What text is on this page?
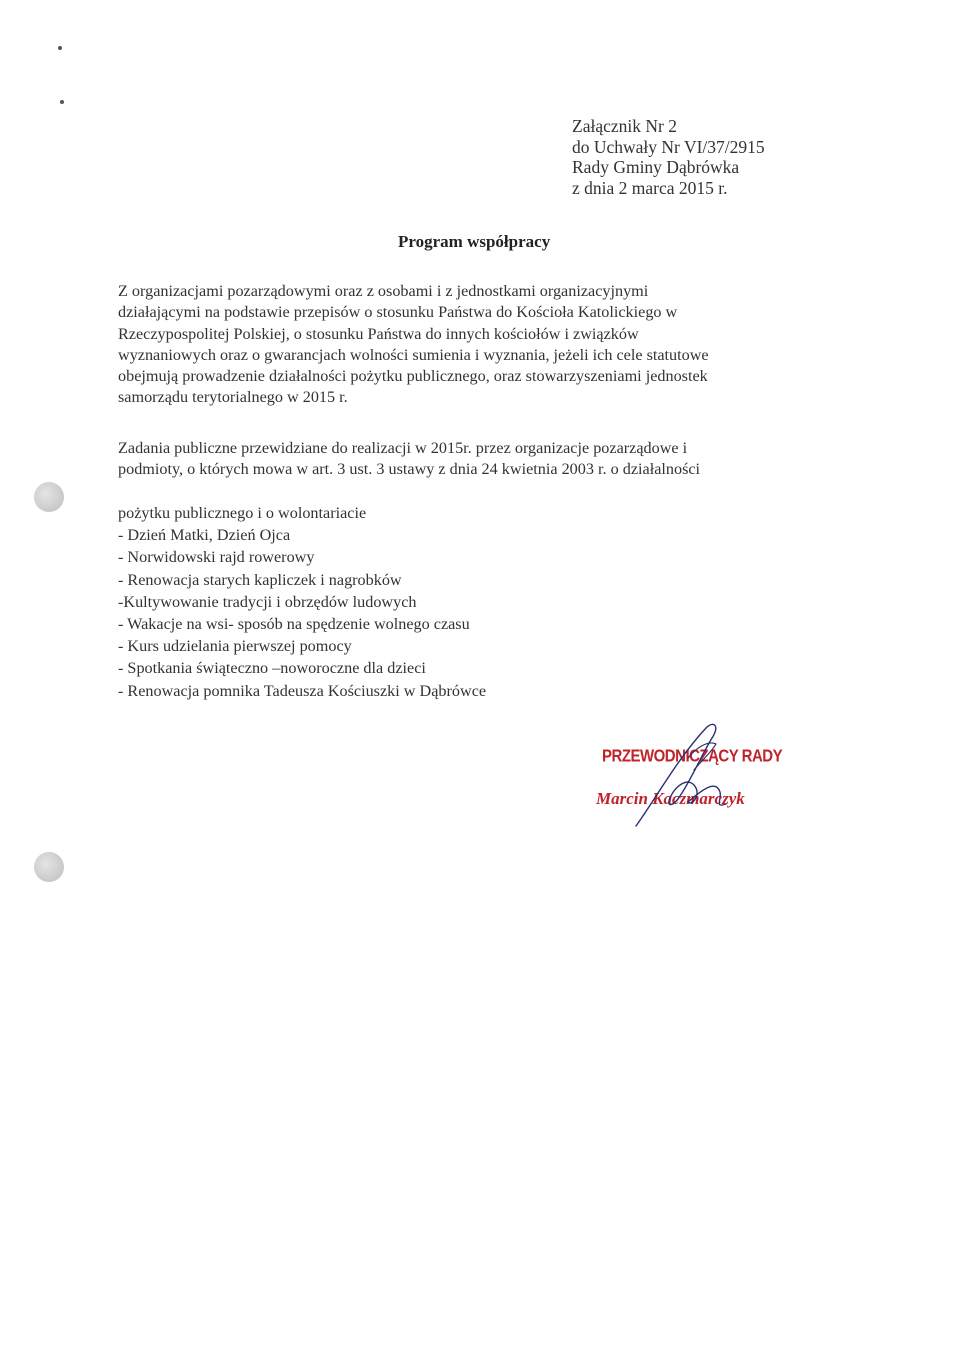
Załącznik Nr 2
do Uchwały Nr VI/37/2915
Rady Gminy Dąbrówka
z dnia 2 marca 2015 r.
Program współpracy
Z organizacjami pozarządowymi oraz z osobami i z jednostkami organizacyjnymi
działającymi na podstawie przepisów o stosunku Państwa do Kościoła Katolickiego w
Rzeczypospolitej Polskiej, o stosunku Państwa do innych kościołów i związków
wyznaniowych oraz o gwarancjach wolności sumienia i wyznania, jeżeli ich cele statutowe
obejmują prowadzenie działalności pożytku publicznego, oraz stowarzyszeniami jednostek
samorządu terytorialnego w 2015 r.
Zadania publiczne przewidziane do realizacji w 2015r. przez organizacje pozarządowe i
podmioty, o których mowa w art. 3 ust. 3 ustawy z dnia 24 kwietnia 2003 r. o działalności
pożytku publicznego i o wolontariacie
- Dzień Matki, Dzień Ojca
- Norwidowski rajd rowerowy
- Renowacja starych kapliczek i nagrobków
-Kultywowanie tradycji i obrzędów ludowych
- Wakacje na wsi- sposób na spędzenie wolnego czasu
- Kurs udzielania pierwszej pomocy
- Spotkania świąteczno –noworoczne dla dzieci
- Renowacja pomnika Tadeusza Kościuszki w Dąbrówce
PRZEWODNICZĄCY RADY
Marcin Kaczmarczyk
